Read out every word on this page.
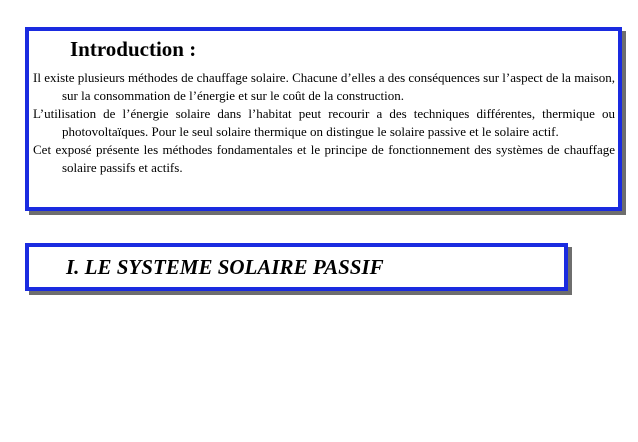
Introduction :

Il existe plusieurs méthodes de chauffage solaire. Chacune d’elles a des conséquences sur l’aspect de la maison, sur la consommation de l’énergie et sur le coût de la construction.

L’utilisation de l’énergie solaire dans l’habitat peut recourir a des techniques différentes, thermique ou photovoltaïques. Pour le seul solaire thermique on distingue le solaire passive et le solaire actif.

Cet exposé présente les méthodes fondamentales et le principe de fonctionnement des systèmes de chauffage solaire passifs et actifs.

I. LE SYSTEME SOLAIRE PASSIF
